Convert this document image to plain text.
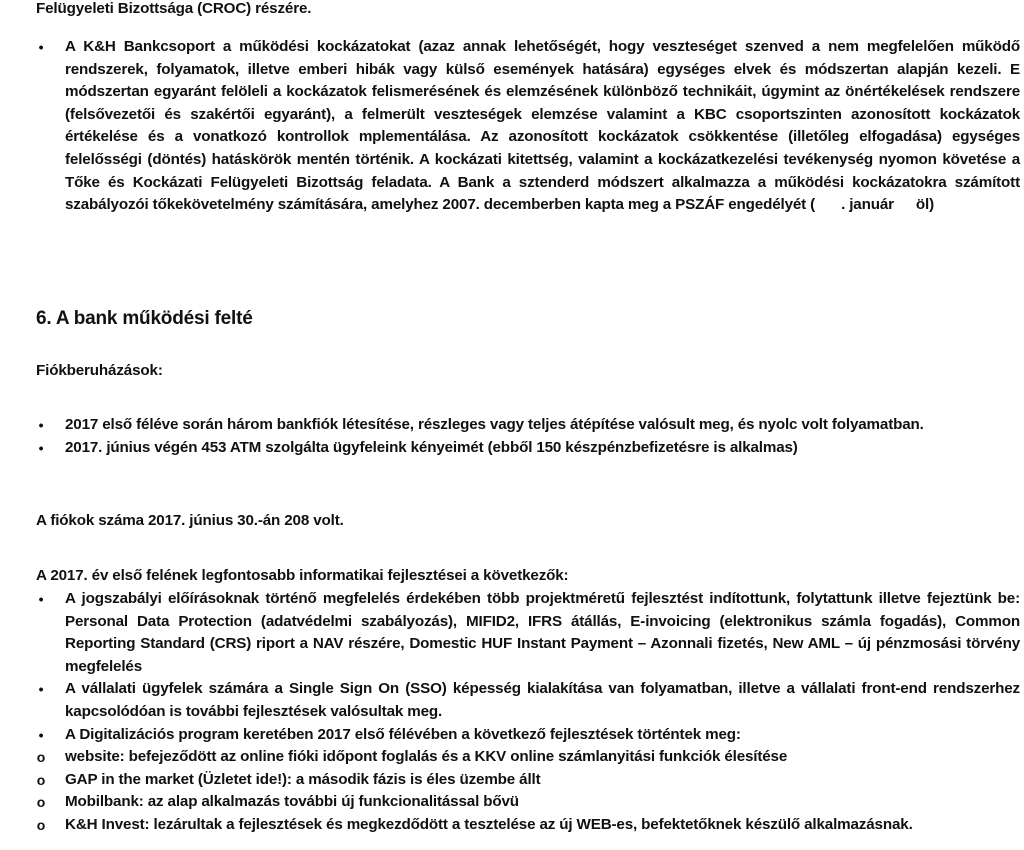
Felügyeleti Bizottsága (CROC) részére.
•	A K&H Bankcsoport a működési kockázatokat (azaz annak lehetőségét, hogy veszteséget szenved a nem megfelelően működő rendszerek, folyamatok, illetve emberi hibák vagy külső események hatására) egységes elvek és módszertan alapján kezeli. E módszertan egyaránt felöleli a kockázatok felismerésének és elemzésének különböző technikáit, úgymint az önértékelések rendszere (felsővezetői és szakértői egyaránt), a felmerült veszteségek elemzése valamint a KBC csoportszinten azonosított kockázatok értékelése és a vonatkozó kontrollok mplementálása. Az azonosított kockázatok csökkentése (illetőleg elfogadása) egységes felelősségi (döntés) hatáskörök mentén történik. A kockázati kitettség, valamint a kockázatkezelési tevékenység nyomon követése a Tőke és Kockázati Felügyeleti Bizottság feladata. A Bank a sztenderd módszert alkalmazza a működési kockázatokra számított szabályozói tőkekövetelmény számítására, amelyhez 2007. decemberben kapta meg a PSZÁF engedélyét ( . január öl)
6. A bank működési felté
Fiókberuházások:
•	2017 első féléve során három bankfiók létesítése, részleges vagy teljes átépítése valósult meg, és nyolc volt folyamatban.
•	2017. június végén 453 ATM szolgálta ügyfeleink kényeimét (ebből 150 készpénzbefizetésre is alkalmas)
A fiókok száma 2017. június 30.-án 208 volt.
A 2017. év első felének legfontosabb informatikai fejlesztései a következők:
•	A jogszabályi előírásoknak történő megfelelés érdekében több projektméretű fejlesztést indítottunk, folytattunk illetve fejeztünk be: Personal Data Protection (adatvédelmi szabályozás), MIFID2, IFRS átállás, E-invoicing (elektronikus számla fogadás), Common Reporting Standard (CRS) riport a NAV részére, Domestic HUF Instant Payment – Azonnali fizetés, New AML – új pénzmosási törvény megfelelés
•	A vállalati ügyfelek számára a Single Sign On (SSO) képesség kialakítása van folyamatban, illetve a vállalati front-end rendszerhez kapcsolódóan is további fejlesztések valósultak meg.
•	A Digitalizációs program keretében 2017 első félévében a következő fejlesztések történtek meg:
o website: befejeződött az online fióki időpont foglalás és a KKV online számlanyitási funkciók élesítése
o GAP in the market (Üzletet ide!): a második fázis is éles üzembe állt
o Mobilbank: az alap alkalmazás további új funkcionalitással bővü
o K&H Invest: lezárultak a fejlesztések és megkezdődött a tesztelése az új WEB-es, befektetőknek készülő alkalmazásnak.
